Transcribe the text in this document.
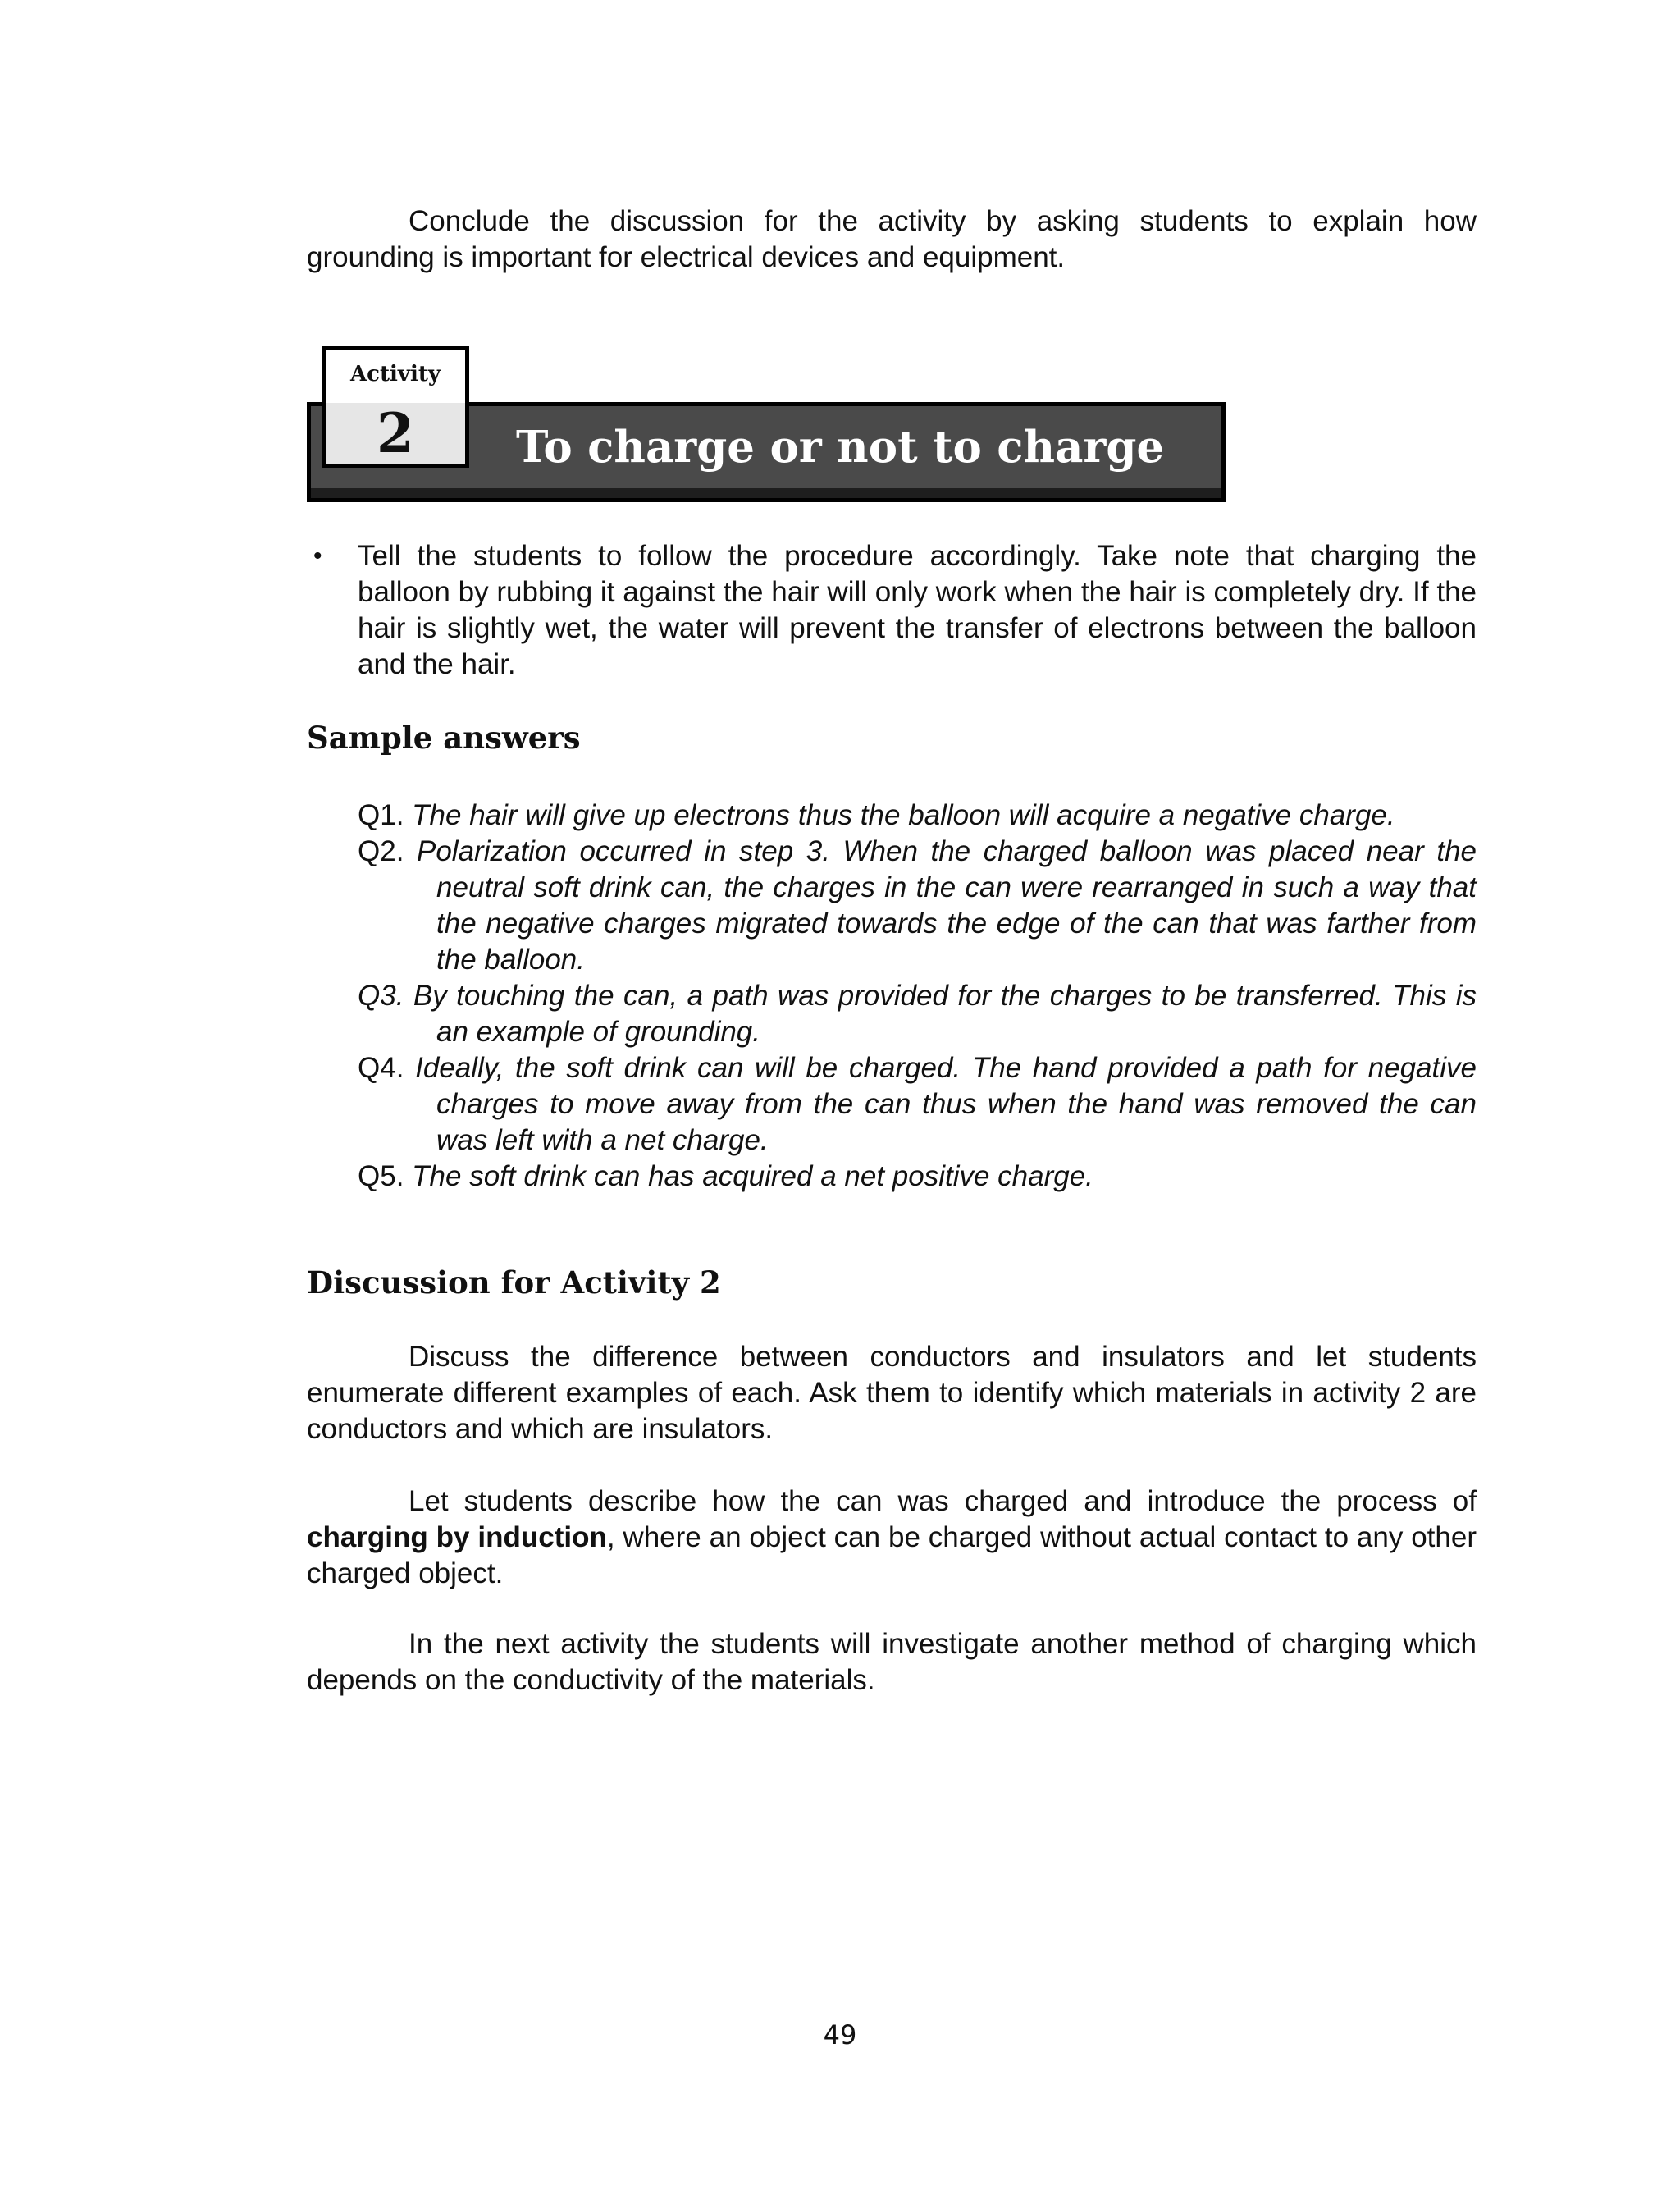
Conclude the discussion for the activity by asking students to explain how grounding is important for electrical devices and equipment.

Activity
2	To charge or not to charge
• Tell the students to follow the procedure accordingly. Take note that charging the balloon by rubbing it against the hair will only work when the hair is completely dry. If the hair is slightly wet, the water will prevent the transfer of electrons between the balloon and the hair.
Sample answers

Q1. The hair will give up electrons thus the balloon will acquire a negative charge.

Q2. Polarization occurred in step 3. When the charged balloon was placed near the neutral soft drink can, the charges in the can were rearranged in such a way that the negative charges migrated towards the edge of the can that was farther from the balloon.

Q3. By touching the can, a path was provided for the charges to be transferred. This is an example of grounding.

Q4. Ideally, the soft drink can will be charged. The hand provided a path for negative charges to move away from the can thus when the hand was removed the can was left with a net charge.

Q5. The soft drink can has acquired a net positive charge.

Discussion for Activity 2

Discuss the difference between conductors and insulators and let students enumerate different examples of each. Ask them to identify which materials in activity 2 are conductors and which are insulators.

Let students describe how the can was charged and introduce the process of charging by induction, where an object can be charged without actual contact to any other charged object.

In the next activity the students will investigate another method of charging which depends on the conductivity of the materials.

49
